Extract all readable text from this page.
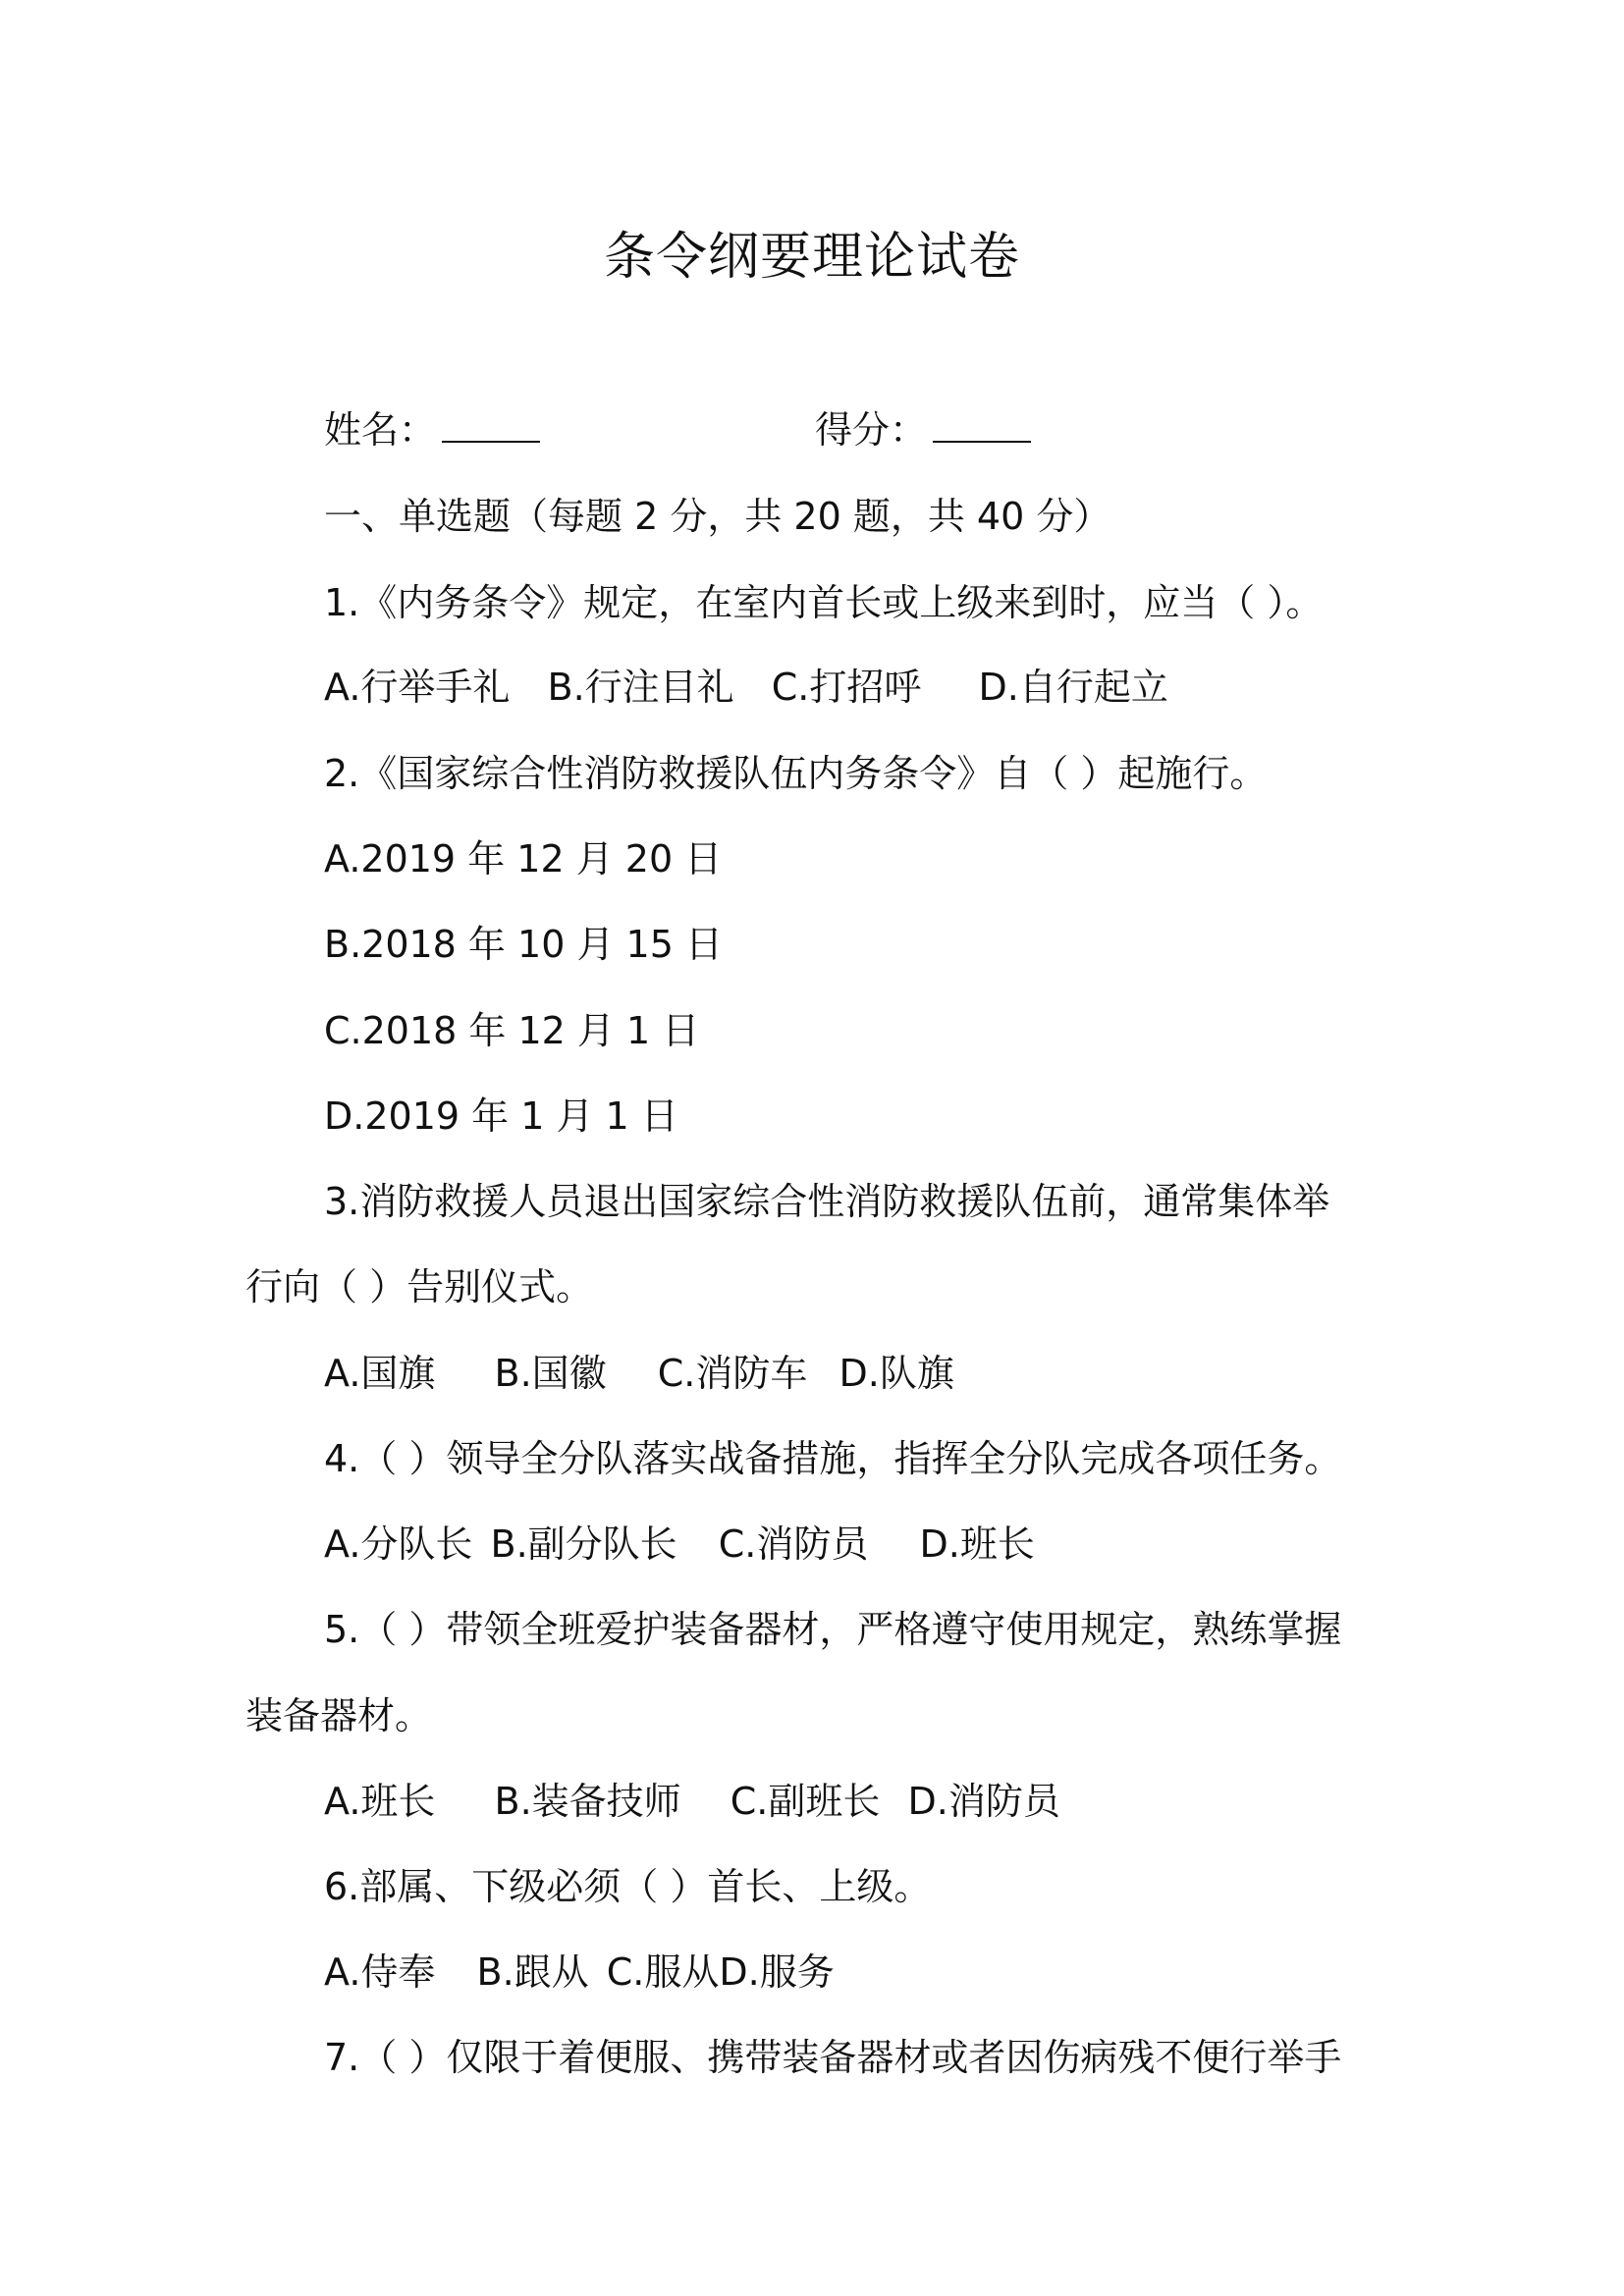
条令纲要理论试卷
姓名：	得分：
一、单选题（每题 2 分，共 20 题，共 40 分）
1.《内务条令》规定，在室内首长或上级来到时，应当（ ）。
A.行举手礼 B.行注目礼 C.打招呼 D.自行起立
2.《国家综合性消防救援队伍内务条令》自（ ）起施行。
A.2019 年 12 月 20 日
B.2018 年 10 月 15 日
C.2018 年 12 月 1 日
D.2019 年 1 月 1 日
3.消防救援人员退出国家综合性消防救援队伍前，通常集体举
行向（ ）告别仪式。
A.国旗 B.国徽 C.消防车 D.队旗
4.（ ）领导全分队落实战备措施，指挥全分队完成各项任务。
A.分队长 B.副分队长 C.消防员 D.班长
5.（ ）带领全班爱护装备器材，严格遵守使用规定，熟练掌握
装备器材。
A.班长 B.装备技师 C.副班长 D.消防员
6.部属、下级必须（ ）首长、上级。
A.侍奉 B.跟从 C.服从D.服务
7.（ ）仅限于着便服、携带装备器材或者因伤病残不便行举手
